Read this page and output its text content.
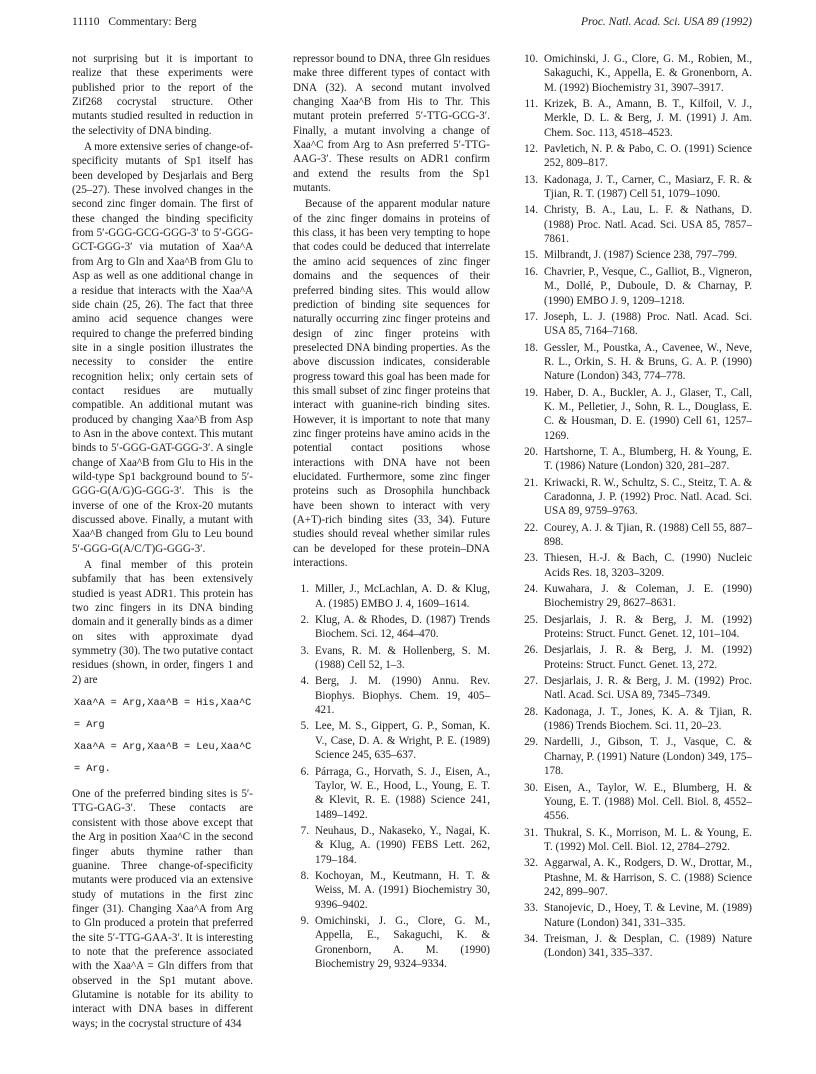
11110 Commentary: Berg	Proc. Natl. Acad. Sci. USA 89 (1992)

not surprising but it is important to realize that these experiments were published prior to the report of the Zif268 cocrystal structure. Other mutants studied resulted in reduction in the selectivity of DNA binding.

A more extensive series of change-of-specificity mutants of Sp1 itself has been developed by Desjarlais and Berg (25–27). These involved changes in the second zinc finger domain. The first of these changed the binding specificity from 5′-GGG-GCG-GGG-3′ to 5′-GGG-GCT-GGG-3′ via mutation of Xaa^A from Arg to Gln and Xaa^B from Glu to Asp as well as one additional change in a residue that interacts with the Xaa^A side chain (25, 26). The fact that three amino acid sequence changes were required to change the preferred binding site in a single position illustrates the necessity to consider the entire recognition helix; only certain sets of contact residues are mutually compatible. An additional mutant was produced by changing Xaa^B from Asp to Asn in the above context. This mutant binds to 5′-GGG-GAT-GGG-3′. A single change of Xaa^B from Glu to His in the wild-type Sp1 background bound to 5′-GGG-G(A/G)G-GGG-3′. This is the inverse of one of the Krox-20 mutants discussed above. Finally, a mutant with Xaa^B changed from Glu to Leu bound 5′-GGG-G(A/C/T)G-GGG-3′.

A final member of this protein subfamily that has been extensively studied is yeast ADR1. This protein has two zinc fingers in its DNA binding domain and it generally binds as a dimer on sites with approximate dyad symmetry (30). The two putative contact residues (shown, in order, fingers 1 and 2) are

Xaa^A = Arg,Xaa^B = His,Xaa^C = Arg
Xaa^A = Arg,Xaa^B = Leu,Xaa^C = Arg.

One of the preferred binding sites is 5′-TTG-GAG-3′. These contacts are consistent with those above except that the Arg in position Xaa^C in the second finger abuts thymine rather than guanine. Three change-of-specificity mutants were produced via an extensive study of mutations in the first zinc finger (31). Changing Xaa^A from Arg to Gln produced a protein that preferred the site 5′-TTG-GAA-3′. It is interesting to note that the preference associated with the Xaa^A = Gln differs from that observed in the Sp1 mutant above. Glutamine is notable for its ability to interact with DNA bases in different ways; in the cocrystal structure of 434

repressor bound to DNA, three Gln residues make three different types of contact with DNA (32). A second mutant involved changing Xaa^B from His to Thr. This mutant protein preferred 5′-TTG-GCG-3′. Finally, a mutant involving a change of Xaa^C from Arg to Asn preferred 5′-TTG-AAG-3′. These results on ADR1 confirm and extend the results from the Sp1 mutants.

Because of the apparent modular nature of the zinc finger domains in proteins of this class, it has been very tempting to hope that codes could be deduced that interrelate the amino acid sequences of zinc finger domains and the sequences of their preferred binding sites. This would allow prediction of binding site sequences for naturally occurring zinc finger proteins and design of zinc finger proteins with preselected DNA binding properties. As the above discussion indicates, considerable progress toward this goal has been made for this small subset of zinc finger proteins that interact with guanine-rich binding sites. However, it is important to note that many zinc finger proteins have amino acids in the potential contact positions whose interactions with DNA have not been elucidated. Furthermore, some zinc finger proteins such as Drosophila hunchback have been shown to interact with very (A+T)-rich binding sites (33, 34). Future studies should reveal whether similar rules can be developed for these protein–DNA interactions.

1. Miller, J., McLachlan, A. D. & Klug, A. (1985) EMBO J. 4, 1609–1614.
2. Klug, A. & Rhodes, D. (1987) Trends Biochem. Sci. 12, 464–470.
3. Evans, R. M. & Hollenberg, S. M. (1988) Cell 52, 1–3.
4. Berg, J. M. (1990) Annu. Rev. Biophys. Biophys. Chem. 19, 405–421.
5. Lee, M. S., Gippert, G. P., Soman, K. V., Case, D. A. & Wright, P. E. (1989) Science 245, 635–637.
6. Párraga, G., Horvath, S. J., Eisen, A., Taylor, W. E., Hood, L., Young, E. T. & Klevit, R. E. (1988) Science 241, 1489–1492.
7. Neuhaus, D., Nakaseko, Y., Nagai, K. & Klug, A. (1990) FEBS Lett. 262, 179–184.
8. Kochoyan, M., Keutmann, H. T. & Weiss, M. A. (1991) Biochemistry 30, 9396–9402.
9. Omichinski, J. G., Clore, G. M., Appella, E., Sakaguchi, K. & Gronenborn, A. M. (1990) Biochemistry 29, 9324–9334.
10. Omichinski, J. G., Clore, G. M., Robien, M., Sakaguchi, K., Appella, E. & Gronenborn, A. M. (1992) Biochemistry 31, 3907–3917.
11. Krizek, B. A., Amann, B. T., Kilfoil, V. J., Merkle, D. L. & Berg, J. M. (1991) J. Am. Chem. Soc. 113, 4518–4523.
12. Pavletich, N. P. & Pabo, C. O. (1991) Science 252, 809–817.
13. Kadonaga, J. T., Carner, C., Masiarz, F. R. & Tjian, R. T. (1987) Cell 51, 1079–1090.
14. Christy, B. A., Lau, L. F. & Nathans, D. (1988) Proc. Natl. Acad. Sci. USA 85, 7857–7861.
15. Milbrandt, J. (1987) Science 238, 797–799.
16. Chavrier, P., Vesque, C., Galliot, B., Vigneron, M., Dollé, P., Duboule, D. & Charnay, P. (1990) EMBO J. 9, 1209–1218.
17. Joseph, L. J. (1988) Proc. Natl. Acad. Sci. USA 85, 7164–7168.
18. Gessler, M., Poustka, A., Cavenee, W., Neve, R. L., Orkin, S. H. & Bruns, G. A. P. (1990) Nature (London) 343, 774–778.
19. Haber, D. A., Buckler, A. J., Glaser, T., Call, K. M., Pelletier, J., Sohn, R. L., Douglass, E. C. & Housman, D. E. (1990) Cell 61, 1257–1269.
20. Hartshorne, T. A., Blumberg, H. & Young, E. T. (1986) Nature (London) 320, 281–287.
21. Kriwacki, R. W., Schultz, S. C., Steitz, T. A. & Caradonna, J. P. (1992) Proc. Natl. Acad. Sci. USA 89, 9759–9763.
22. Courey, A. J. & Tjian, R. (1988) Cell 55, 887–898.
23. Thiesen, H.-J. & Bach, C. (1990) Nucleic Acids Res. 18, 3203–3209.
24. Kuwahara, J. & Coleman, J. E. (1990) Biochemistry 29, 8627–8631.
25. Desjarlais, J. R. & Berg, J. M. (1992) Proteins: Struct. Funct. Genet. 12, 101–104.
26. Desjarlais, J. R. & Berg, J. M. (1992) Proteins: Struct. Funct. Genet. 13, 272.
27. Desjarlais, J. R. & Berg, J. M. (1992) Proc. Natl. Acad. Sci. USA 89, 7345–7349.
28. Kadonaga, J. T., Jones, K. A. & Tjian, R. (1986) Trends Biochem. Sci. 11, 20–23.
29. Nardelli, J., Gibson, T. J., Vasque, C. & Charnay, P. (1991) Nature (London) 349, 175–178.
30. Eisen, A., Taylor, W. E., Blumberg, H. & Young, E. T. (1988) Mol. Cell. Biol. 8, 4552–4556.
31. Thukral, S. K., Morrison, M. L. & Young, E. T. (1992) Mol. Cell. Biol. 12, 2784–2792.
32. Aggarwal, A. K., Rodgers, D. W., Drottar, M., Ptashne, M. & Harrison, S. C. (1988) Science 242, 899–907.
33. Stanojevic, D., Hoey, T. & Levine, M. (1989) Nature (London) 341, 331–335.
34. Treisman, J. & Desplan, C. (1989) Nature (London) 341, 335–337.
